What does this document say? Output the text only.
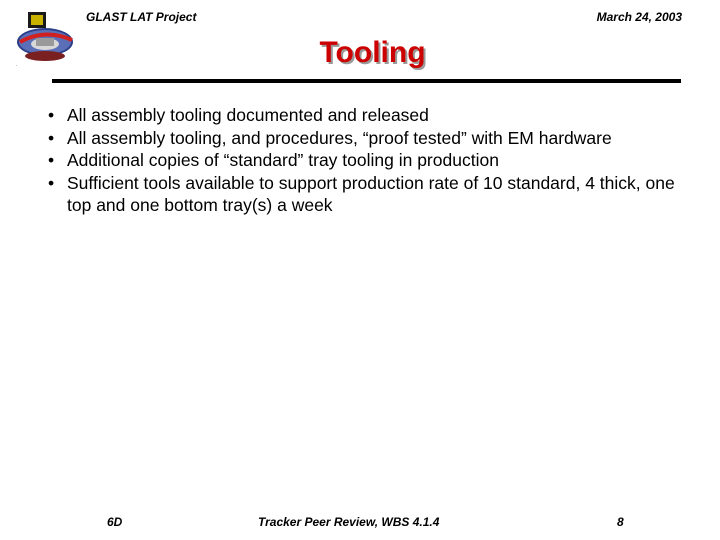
.
GLAST LAT Project	March 24, 2003
Tooling
• All assembly tooling documented and released
• All assembly tooling, and procedures, “proof tested” with EM hardware
• Additional copies of “standard” tray tooling in production
• Sufficient tools available to support production rate of 10 standard, 4 thick, one top and one bottom tray(s) a week
6D	Tracker Peer Review, WBS 4.1.4	8
